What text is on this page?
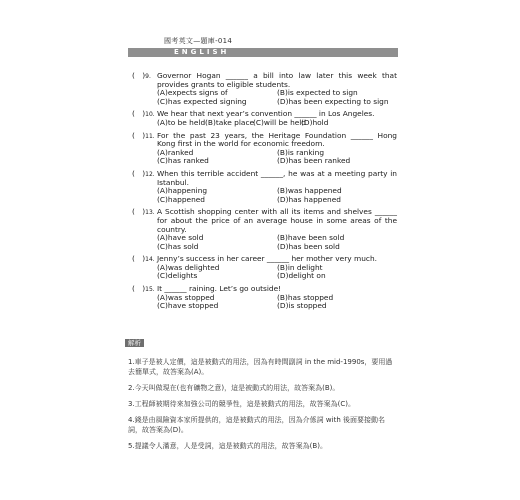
國考英文—題庫-014
ENGLISH
(　)9. Governor Hogan ______ a bill into law later this week that provides grants to eligible students.
(A)expects signs of	(B)is expected to sign
(C)has expected signing	(D)has been expecting to sign
(　)10. We hear that next year’s convention ______ in Los Angeles.
(A)to be held (B)take place
(C)will be held
(D)hold
(　)11. For the past 23 years, the Heritage Foundation ______ Hong Kong first in the world for economic freedom.
(A)ranked	(B)is ranking
(C)has ranked	(D)has been ranked
(　)12. When this terrible accident ______, he was at a meeting party in Istanbul.
(A)happening	(B)was happened
(C)happened	(D)has happened
(　)13. A Scottish shopping center with all its items and shelves ______ for about the price of an average house in some areas of the country.
(A)have sold	(B)have been sold
(C)has sold	(D)has been sold
(　)14. Jenny’s success in her career ______ her mother very much.
(A)was delighted	(B)in delight
(C)delights	(D)delight on
(　)15. It ______ raining. Let’s go outside!
(A)was stopped	(B)has stopped
(C)have stopped	(D)is stopped
解析
1.車子是被人定價，這是被動式的用法，因為有時間副詞 in the mid-1990s，要用過去簡單式，故答案為(A)。
2.今天叫做現在(也有礦物之意)，這是被動式的用法，故答案為(B)。
3.工程師被期待來加強公司的競爭性，這是被動式的用法，故答案為(C)。
4.錢是由風險資本家所提供的，這是被動式的用法，因為介係詞 with 後面要接動名詞，故答案為(D)。
5.提議令人滿意，人是受詞，這是被動式的用法，故答案為(B)。
